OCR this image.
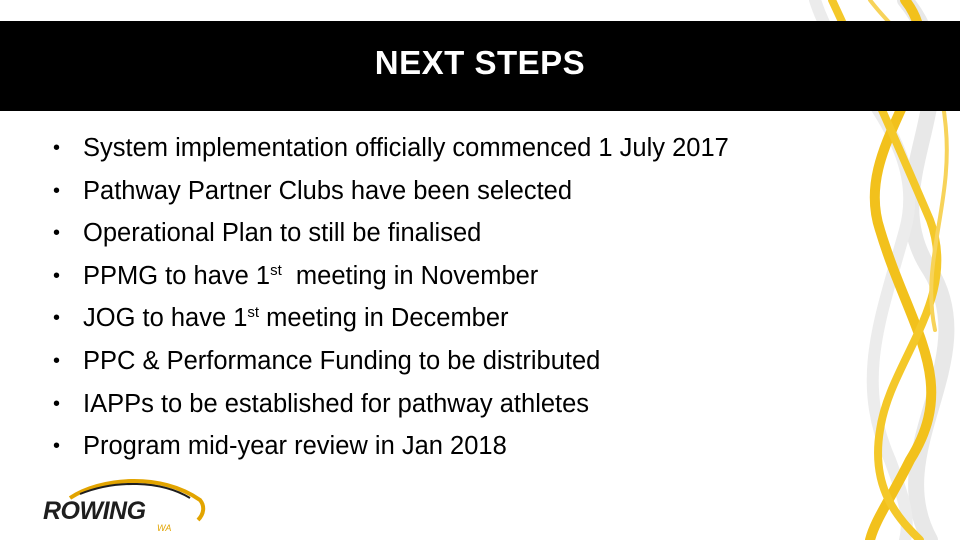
NEXT STEPS
• System implementation officially commenced 1 July 2017
• Pathway Partner Clubs have been selected
• Operational Plan to still be finalised
• PPMG to have 1st  meeting in November
• JOG to have 1st meeting in December
• PPC & Performance Funding to be distributed
• IAPPs to be established for pathway athletes
• Program mid-year review in Jan 2018
ROWING
WA
